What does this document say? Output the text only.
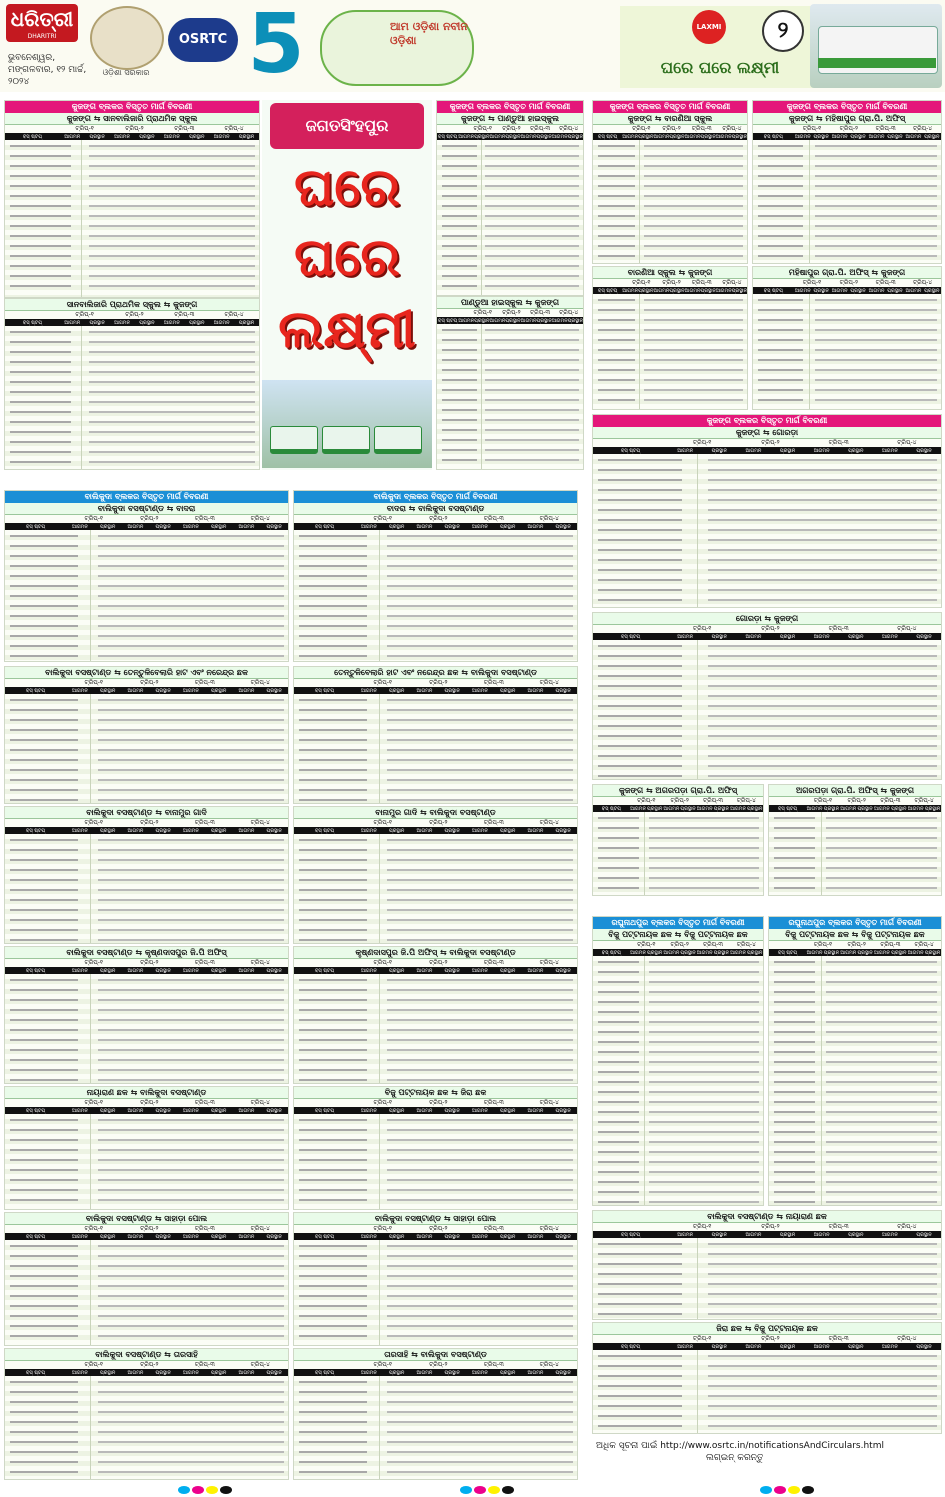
ଧରିତ୍ରୀ
DHARITRI
ଭୁବନେଶ୍ୱର, ମଙ୍ଗଳବାର, ୧୨ ମାର୍ଚ୍ଚ, ୨୦୨୪
ଓଡ଼ିଶା ସରକାର
OSRTC 5	ଆମ ଓଡ଼ିଶା ନବୀନ ଓଡ଼ିଶା
LAXMI
ଘରେ ଘରେ ଲକ୍ଷ୍ମୀ
୨
ଜଗତସିଂହପୁର
ଘରେ
ଘରେ
ଲକ୍ଷ୍ମୀ
କୁଜଙ୍ଗ ବ୍ଲକର ବିସ୍ତୃତ ମାର୍ଗ ବିବରଣୀ
କୁଜଙ୍ଗ ⇆ ସାନବାଲିଜାରି ପ୍ରାଥମିକ ସ୍କୁଲ
ଟ୍ରିପ୍-୧	ଟ୍ରିପ୍-୨	ଟ୍ରିପ୍-୩	ଟ୍ରିପ୍-୪
ବସ୍ ଷ୍ଟପ୍	ଆଗମନ	ପ୍ରସ୍ଥାନ	ଆଗମନ	ପ୍ରସ୍ଥାନ	ଆଗମନ	ପ୍ରସ୍ଥାନ	ଆଗମନ	ପ୍ରସ୍ଥାନ
ସାନବାଲିଜାରି ପ୍ରାଥମିକ ସ୍କୁଲ ⇆ କୁଜଙ୍ଗ
ଟ୍ରିପ୍-୧	ଟ୍ରିପ୍-୨	ଟ୍ରିପ୍-୩	ଟ୍ରିପ୍-୪
ବସ୍ ଷ୍ଟପ୍	ଆଗମନ	ପ୍ରସ୍ଥାନ	ଆଗମନ	ପ୍ରସ୍ଥାନ	ଆଗମନ	ପ୍ରସ୍ଥାନ	ଆଗମନ	ପ୍ରସ୍ଥାନ
କୁଜଙ୍ଗ ବ୍ଲକର ବିସ୍ତୃତ ମାର୍ଗ ବିବରଣୀ
କୁଜଙ୍ଗ ⇆ ପାଣ୍ଡୁଆ ହାଇସ୍କୁଲ
ଟ୍ରିପ୍-୧	ଟ୍ରିପ୍-୨	ଟ୍ରିପ୍-୩	ଟ୍ରିପ୍-୪
ବସ୍ ଷ୍ଟପ୍ ଆଗମନ ପ୍ରସ୍ଥାନ ଆଗମନ ପ୍ରସ୍ଥାନ ଆଗମନ ପ୍ରସ୍ଥାନ ଆଗମନ ପ୍ରସ୍ଥାନ
ପାଣ୍ଡୁଆ ହାଇସ୍କୁଲ ⇆ କୁଜଙ୍ଗ
ଟ୍ରିପ୍-୧	ଟ୍ରିପ୍-୨	ଟ୍ରିପ୍-୩	ଟ୍ରିପ୍-୪
ବସ୍ ଷ୍ଟପ୍ ଆଗମନ ପ୍ରସ୍ଥାନ ଆଗମନ ପ୍ରସ୍ଥାନ ଆଗମନ ପ୍ରସ୍ଥାନ ଆଗମନ ପ୍ରସ୍ଥାନ
କୁଜଙ୍ଗ ବ୍ଲକର ବିସ୍ତୃତ ମାର୍ଗ ବିବରଣୀ
କୁଜଙ୍ଗ ⇆ ବାରଣିଆ ସ୍କୁଲ
ଟ୍ରିପ୍-୧	ଟ୍ରିପ୍-୨	ଟ୍ରିପ୍-୩	ଟ୍ରିପ୍-୪
ବସ୍ ଷ୍ଟପ୍	ଆଗମନ ପ୍ରସ୍ଥାନ ଆଗମନ ପ୍ରସ୍ଥାନ ଆଗମନ ପ୍ରସ୍ଥାନ ଆଗମନ ପ୍ରସ୍ଥାନ
କୁଜଙ୍ଗ ବ୍ଲକର ବିସ୍ତୃତ ମାର୍ଗ ବିବରଣୀ
କୁଜଙ୍ଗ ⇆ ମହିଷାପୁର ଗ୍ରା.ପି. ଅଫିସ୍
ଟ୍ରିପ୍-୧	ଟ୍ରିପ୍-୨	ଟ୍ରିପ୍-୩	ଟ୍ରିପ୍-୪
ବସ୍ ଷ୍ଟପ୍	ଆଗମନ ପ୍ରସ୍ଥାନ ଆଗମନ ପ୍ରସ୍ଥାନ ଆଗମନ ପ୍ରସ୍ଥାନ ଆଗମନ ପ୍ରସ୍ଥାନ
ବାରଣିଆ ସ୍କୁଲ ⇆ କୁଜଙ୍ଗ
ଟ୍ରିପ୍-୧	ଟ୍ରିପ୍-୨	ଟ୍ରିପ୍-୩	ଟ୍ରିପ୍-୪
ବସ୍ ଷ୍ଟପ୍	ଆଗମନ ପ୍ରସ୍ଥାନ ଆଗମନ ପ୍ରସ୍ଥାନ ଆଗମନ ପ୍ରସ୍ଥାନ ଆଗମନ ପ୍ରସ୍ଥାନ
ମହିଷାପୁର ଗ୍ରା.ପି. ଅଫିସ୍ ⇆ କୁଜଙ୍ଗ
ଟ୍ରିପ୍-୧	ଟ୍ରିପ୍-୨	ଟ୍ରିପ୍-୩	ଟ୍ରିପ୍-୪
ବସ୍ ଷ୍ଟପ୍	ଆଗମନ ପ୍ରସ୍ଥାନ ଆଗମନ ପ୍ରସ୍ଥାନ ଆଗମନ ପ୍ରସ୍ଥାନ ଆଗମନ ପ୍ରସ୍ଥାନ
କୁଜଙ୍ଗ ବ୍ଲକର ବିସ୍ତୃତ ମାର୍ଗ ବିବରଣୀ
କୁଜଙ୍ଗ ⇆ ଗୋରଡ଼ା
ଟ୍ରିପ୍-୧	ଟ୍ରିପ୍-୨	ଟ୍ରିପ୍-୩	ଟ୍ରିପ୍-୪
ବସ୍ ଷ୍ଟପ୍	ଆଗମନ	ପ୍ରସ୍ଥାନ	ଆଗମନ	ପ୍ରସ୍ଥାନ	ଆଗମନ	ପ୍ରସ୍ଥାନ	ଆଗମନ	ପ୍ରସ୍ଥାନ
ଗୋରଡ଼ା ⇆ କୁଜଙ୍ଗ
ଟ୍ରିପ୍-୧	ଟ୍ରିପ୍-୨	ଟ୍ରିପ୍-୩	ଟ୍ରିପ୍-୪
ବସ୍ ଷ୍ଟପ୍	ଆଗମନ	ପ୍ରସ୍ଥାନ	ଆଗମନ	ପ୍ରସ୍ଥାନ	ଆଗମନ	ପ୍ରସ୍ଥାନ	ଆଗମନ	ପ୍ରସ୍ଥାନ
ବାଲିକୁଦା ବ୍ଲକର ବିସ୍ତୃତ ମାର୍ଗ ବିବରଣୀ
ବାଲିକୁଦା ବସଷ୍ଟାଣ୍ଡ ⇆ ବାଦରା
ଟ୍ରିପ୍-୧	ଟ୍ରିପ୍-୨	ଟ୍ରିପ୍-୩	ଟ୍ରିପ୍-୪
ବସ୍ ଷ୍ଟପ୍	ଆଗମନ	ପ୍ରସ୍ଥାନ	ଆଗମନ	ପ୍ରସ୍ଥାନ	ଆଗମନ	ପ୍ରସ୍ଥାନ	ଆଗମନ	ପ୍ରସ୍ଥାନ
ବାଲିକୁଦା ବ୍ଲକର ବିସ୍ତୃତ ମାର୍ଗ ବିବରଣୀ
ବାଦରା ⇆ ବାଲିକୁଦା ବସଷ୍ଟାଣ୍ଡ
ଟ୍ରିପ୍-୧	ଟ୍ରିପ୍-୨	ଟ୍ରିପ୍-୩	ଟ୍ରିପ୍-୪
ବସ୍ ଷ୍ଟପ୍	ଆଗମନ	ପ୍ରସ୍ଥାନ	ଆଗମନ	ପ୍ରସ୍ଥାନ	ଆଗମନ	ପ୍ରସ୍ଥାନ	ଆଗମନ	ପ୍ରସ୍ଥାନ
ବାଲିକୁଦା ବସଷ୍ଟାଣ୍ଡ ⇆ ତେନ୍ତୁଳିବେଲାରି ହାଟ ଏବଂ ନରେନ୍ଦ୍ର ଛକ
ଟ୍ରିପ୍-୧	ଟ୍ରିପ୍-୨	ଟ୍ରିପ୍-୩	ଟ୍ରିପ୍-୪
ବସ୍ ଷ୍ଟପ୍	ଆଗମନ	ପ୍ରସ୍ଥାନ	ଆଗମନ	ପ୍ରସ୍ଥାନ	ଆଗମନ	ପ୍ରସ୍ଥାନ	ଆଗମନ	ପ୍ରସ୍ଥାନ
ତେନ୍ତୁଳିବେଲାରି ହାଟ ଏବଂ ନରେନ୍ଦ୍ର ଛକ ⇆ ବାଲିକୁଦା ବସଷ୍ଟାଣ୍ଡ
ଟ୍ରିପ୍-୧	ଟ୍ରିପ୍-୨	ଟ୍ରିପ୍-୩	ଟ୍ରିପ୍-୪
ବସ୍ ଷ୍ଟପ୍	ଆଗମନ	ପ୍ରସ୍ଥାନ	ଆଗମନ	ପ୍ରସ୍ଥାନ	ଆଗମନ	ପ୍ରସ୍ଥାନ	ଆଗମନ	ପ୍ରସ୍ଥାନ
କୁଜଙ୍ଗ ⇆ ଅଗରପଡ଼ା ଗ୍ରା.ପି. ଅଫିସ୍
ଟ୍ରିପ୍-୧	ଟ୍ରିପ୍-୨	ଟ୍ରିପ୍-୩	ଟ୍ରିପ୍-୪
ବସ୍ ଷ୍ଟପ୍	ଆଗମନ ପ୍ରସ୍ଥାନ ଆଗମନ ପ୍ରସ୍ଥାନ ଆଗମନ ପ୍ରସ୍ଥାନ ଆଗମନ ପ୍ରସ୍ଥାନ
ଅଗରପଡ଼ା ଗ୍ରା.ପି. ଅଫିସ୍ ⇆ କୁଜଙ୍ଗ
ଟ୍ରିପ୍-୧	ଟ୍ରିପ୍-୨	ଟ୍ରିପ୍-୩	ଟ୍ରିପ୍-୪
ବସ୍ ଷ୍ଟପ୍	ଆଗମନ ପ୍ରସ୍ଥାନ ଆଗମନ ପ୍ରସ୍ଥାନ ଆଗମନ ପ୍ରସ୍ଥାନ ଆଗମନ ପ୍ରସ୍ଥାନ
ବାଲିକୁଦା ବସଷ୍ଟାଣ୍ଡ ⇆ ବାନାମୁର ଗାଦି
ଟ୍ରିପ୍-୧	ଟ୍ରିପ୍-୨	ଟ୍ରିପ୍-୩	ଟ୍ରିପ୍-୪
ବସ୍ ଷ୍ଟପ୍	ଆଗମନ	ପ୍ରସ୍ଥାନ	ଆଗମନ	ପ୍ରସ୍ଥାନ	ଆଗମନ	ପ୍ରସ୍ଥାନ	ଆଗମନ	ପ୍ରସ୍ଥାନ
ବାନାମୁର ଗାଦି ⇆ ବାଲିକୁଦା ବସଷ୍ଟାଣ୍ଡ
ଟ୍ରିପ୍-୧	ଟ୍ରିପ୍-୨	ଟ୍ରିପ୍-୩	ଟ୍ରିପ୍-୪
ବସ୍ ଷ୍ଟପ୍	ଆଗମନ	ପ୍ରସ୍ଥାନ	ଆଗମନ	ପ୍ରସ୍ଥାନ	ଆଗମନ	ପ୍ରସ୍ଥାନ	ଆଗମନ	ପ୍ରସ୍ଥାନ
ରଘୁନାଥପୁର ବ୍ଲକର ବିସ୍ତୃତ ମାର୍ଗ ବିବରଣୀ
ବିଜୁ ପଟ୍ଟନାୟକ ଛକ ⇆ ବିଜୁ ପଟ୍ଟନାୟକ ଛକ
ଟ୍ରିପ୍-୧	ଟ୍ରିପ୍-୨	ଟ୍ରିପ୍-୩	ଟ୍ରିପ୍-୪
ବସ୍ ଷ୍ଟପ୍	ଆଗମନ ପ୍ରସ୍ଥାନ ଆଗମନ ପ୍ରସ୍ଥାନ ଆଗମନ ପ୍ରସ୍ଥାନ ଆଗମନ ପ୍ରସ୍ଥାନ
ରଘୁନାଥପୁର ବ୍ଲକର ବିସ୍ତୃତ ମାର୍ଗ ବିବରଣୀ
ବିଜୁ ପଟ୍ଟନାୟକ ଛକ ⇆ ବିଜୁ ପଟ୍ଟନାୟକ ଛକ
ଟ୍ରିପ୍-୧	ଟ୍ରିପ୍-୨	ଟ୍ରିପ୍-୩	ଟ୍ରିପ୍-୪
ବସ୍ ଷ୍ଟପ୍	ଆଗମନ ପ୍ରସ୍ଥାନ ଆଗମନ ପ୍ରସ୍ଥାନ ଆଗମନ ପ୍ରସ୍ଥାନ ଆଗମନ ପ୍ରସ୍ଥାନ
ବାଲିକୁଦା ବସଷ୍ଟାଣ୍ଡ ⇆ କୃଷ୍ଣଦାସପୁର ଜି.ପି ଅଫିସ୍
ଟ୍ରିପ୍-୧	ଟ୍ରିପ୍-୨	ଟ୍ରିପ୍-୩	ଟ୍ରିପ୍-୪
ବସ୍ ଷ୍ଟପ୍	ଆଗମନ	ପ୍ରସ୍ଥାନ	ଆଗମନ	ପ୍ରସ୍ଥାନ	ଆଗମନ	ପ୍ରସ୍ଥାନ	ଆଗମନ	ପ୍ରସ୍ଥାନ
କୃଷ୍ଣଦାସପୁର ଜି.ପି ଅଫିସ୍ ⇆ ବାଲିକୁଦା ବସଷ୍ଟାଣ୍ଡ
ଟ୍ରିପ୍-୧	ଟ୍ରିପ୍-୨	ଟ୍ରିପ୍-୩	ଟ୍ରିପ୍-୪
ବସ୍ ଷ୍ଟପ୍	ଆଗମନ	ପ୍ରସ୍ଥାନ	ଆଗମନ	ପ୍ରସ୍ଥାନ	ଆଗମନ	ପ୍ରସ୍ଥାନ	ଆଗମନ	ପ୍ରସ୍ଥାନ
ବାଲିକୁଦା ବସଷ୍ଟାଣ୍ଡ ⇆ ନାୟାରାଣ ଛକ
ଟ୍ରିପ୍-୧	ଟ୍ରିପ୍-୨	ଟ୍ରିପ୍-୩	ଟ୍ରିପ୍-୪
ବସ୍ ଷ୍ଟପ୍	ଆଗମନ	ପ୍ରସ୍ଥାନ	ଆଗମନ	ପ୍ରସ୍ଥାନ	ଆଗମନ	ପ୍ରସ୍ଥାନ	ଆଗମନ	ପ୍ରସ୍ଥାନ
ନାୟାରାଣ ଛକ ⇆ ବାଲିକୁଦା ବସଷ୍ଟାଣ୍ଡ
ଟ୍ରିପ୍-୧	ଟ୍ରିପ୍-୨	ଟ୍ରିପ୍-୩	ଟ୍ରିପ୍-୪
ବସ୍ ଷ୍ଟପ୍	ଆଗମନ	ପ୍ରସ୍ଥାନ	ଆଗମନ	ପ୍ରସ୍ଥାନ	ଆଗମନ	ପ୍ରସ୍ଥାନ	ଆଗମନ	ପ୍ରସ୍ଥାନ
ବିଜୁ ପଟ୍ଟନାୟକ ଛକ ⇆ ଜିରା ଛକ
ଟ୍ରିପ୍-୧	ଟ୍ରିପ୍-୨	ଟ୍ରିପ୍-୩	ଟ୍ରିପ୍-୪
ବସ୍ ଷ୍ଟପ୍	ଆଗମନ	ପ୍ରସ୍ଥାନ	ଆଗମନ	ପ୍ରସ୍ଥାନ	ଆଗମନ	ପ୍ରସ୍ଥାନ	ଆଗମନ	ପ୍ରସ୍ଥାନ
ବାଲିକୁଦା ବସଷ୍ଟାଣ୍ଡ ⇆ ସାହାଡ଼ା ପୋଲ
ଟ୍ରିପ୍-୧	ଟ୍ରିପ୍-୨	ଟ୍ରିପ୍-୩	ଟ୍ରିପ୍-୪
ବସ୍ ଷ୍ଟପ୍	ଆଗମନ	ପ୍ରସ୍ଥାନ	ଆଗମନ	ପ୍ରସ୍ଥାନ	ଆଗମନ	ପ୍ରସ୍ଥାନ	ଆଗମନ	ପ୍ରସ୍ଥାନ
ବାଲିକୁଦା ବସଷ୍ଟାଣ୍ଡ ⇆ ସାହାଡ଼ା ପୋଲ
ଟ୍ରିପ୍-୧	ଟ୍ରିପ୍-୨	ଟ୍ରିପ୍-୩	ଟ୍ରିପ୍-୪
ବସ୍ ଷ୍ଟପ୍	ଆଗମନ	ପ୍ରସ୍ଥାନ	ଆଗମନ	ପ୍ରସ୍ଥାନ	ଆଗମନ	ପ୍ରସ୍ଥାନ	ଆଗମନ	ପ୍ରସ୍ଥାନ
ଜିରା ଛକ ⇆ ବିଜୁ ପଟ୍ଟନାୟକ ଛକ
ଟ୍ରିପ୍-୧	ଟ୍ରିପ୍-୨	ଟ୍ରିପ୍-୩	ଟ୍ରିପ୍-୪
ବସ୍ ଷ୍ଟପ୍	ଆଗମନ	ପ୍ରସ୍ଥାନ	ଆଗମନ	ପ୍ରସ୍ଥାନ	ଆଗମନ	ପ୍ରସ୍ଥାନ	ଆଗମନ	ପ୍ରସ୍ଥାନ
ବାଲିକୁଦା ବସଷ୍ଟାଣ୍ଡ ⇆ ତାରସାହି
ଟ୍ରିପ୍-୧	ଟ୍ରିପ୍-୨	ଟ୍ରିପ୍-୩	ଟ୍ରିପ୍-୪
ବସ୍ ଷ୍ଟପ୍	ଆଗମନ	ପ୍ରସ୍ଥାନ	ଆଗମନ	ପ୍ରସ୍ଥାନ	ଆଗମନ	ପ୍ରସ୍ଥାନ	ଆଗମନ	ପ୍ରସ୍ଥାନ
ତାରସାହି ⇆ ବାଲିକୁଦା ବସଷ୍ଟାଣ୍ଡ
ଟ୍ରିପ୍-୧	ଟ୍ରିପ୍-୨	ଟ୍ରିପ୍-୩	ଟ୍ରିପ୍-୪
ବସ୍ ଷ୍ଟପ୍	ଆଗମନ	ପ୍ରସ୍ଥାନ	ଆଗମନ	ପ୍ରସ୍ଥାନ	ଆଗମନ	ପ୍ରସ୍ଥାନ	ଆଗମନ	ପ୍ରସ୍ଥାନ
ଅଧିକ ସୂଚନା ପାଇଁ http://www.osrtc.in/notificationsAndCirculars.html
ଲଗ୍ଇନ୍ କରନ୍ତୁ
